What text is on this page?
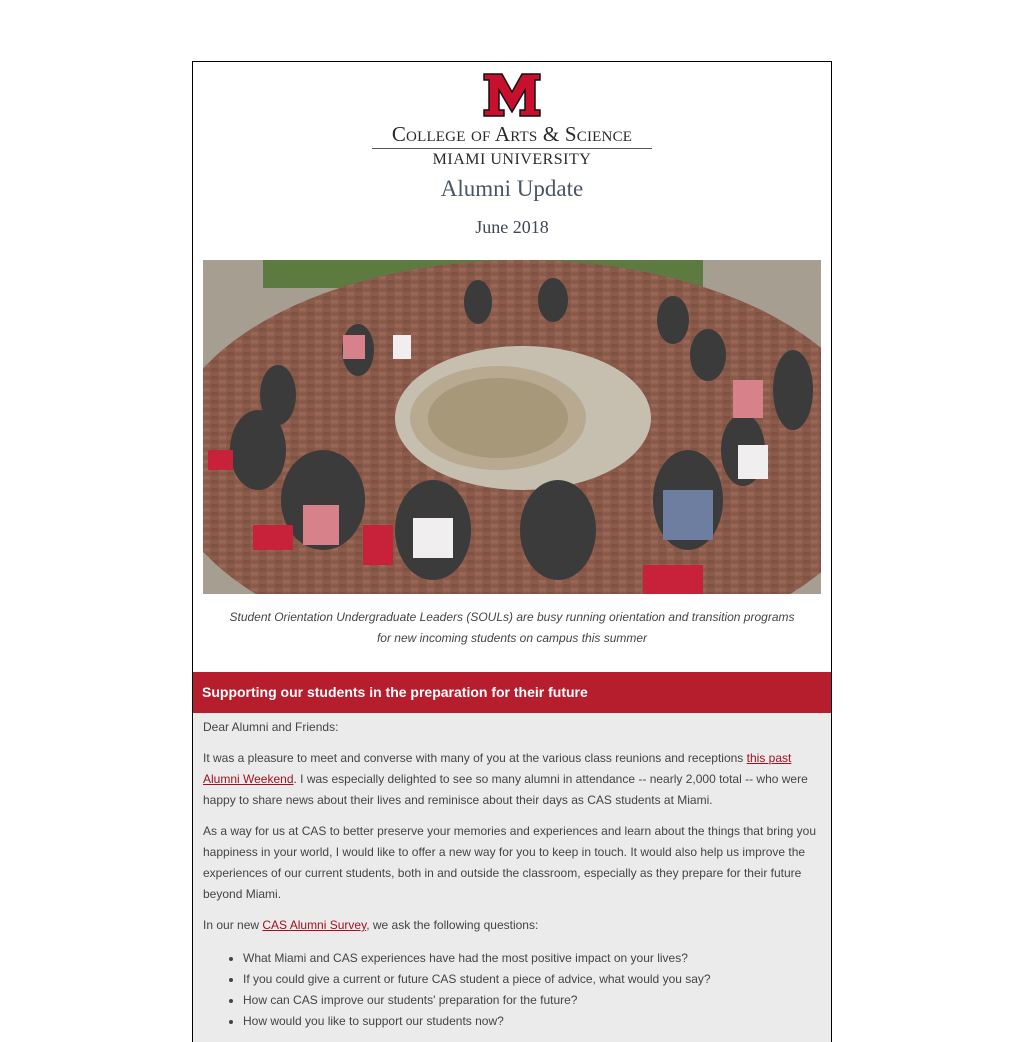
College of Arts & Science
MIAMI UNIVERSITY
Alumni Update
June 2018
Student Orientation Undergraduate Leaders (SOULs) are busy running orientation and transition programs
for new incoming students on campus this summer
Supporting our students in the preparation for their future

Dear Alumni and Friends:

It was a pleasure to meet and converse with many of you at the various class reunions and receptions this past Alumni Weekend. I was especially delighted to see so many alumni in attendance -- nearly 2,000 total -- who were happy to share news about their lives and reminisce about their days as CAS students at Miami.

As a way for us at CAS to better preserve your memories and experiences and learn about the things that bring you happiness in your world, I would like to offer a new way for you to keep in touch. It would also help us improve the experiences of our current students, both in and outside the classroom, especially as they prepare for their future beyond Miami.

In our new CAS Alumni Survey, we ask the following questions:

• What Miami and CAS experiences have had the most positive impact on your lives?
• If you could give a current or future CAS student a piece of advice, what would you say?
• How can CAS improve our students' preparation for the future?
• How would you like to support our students now?
